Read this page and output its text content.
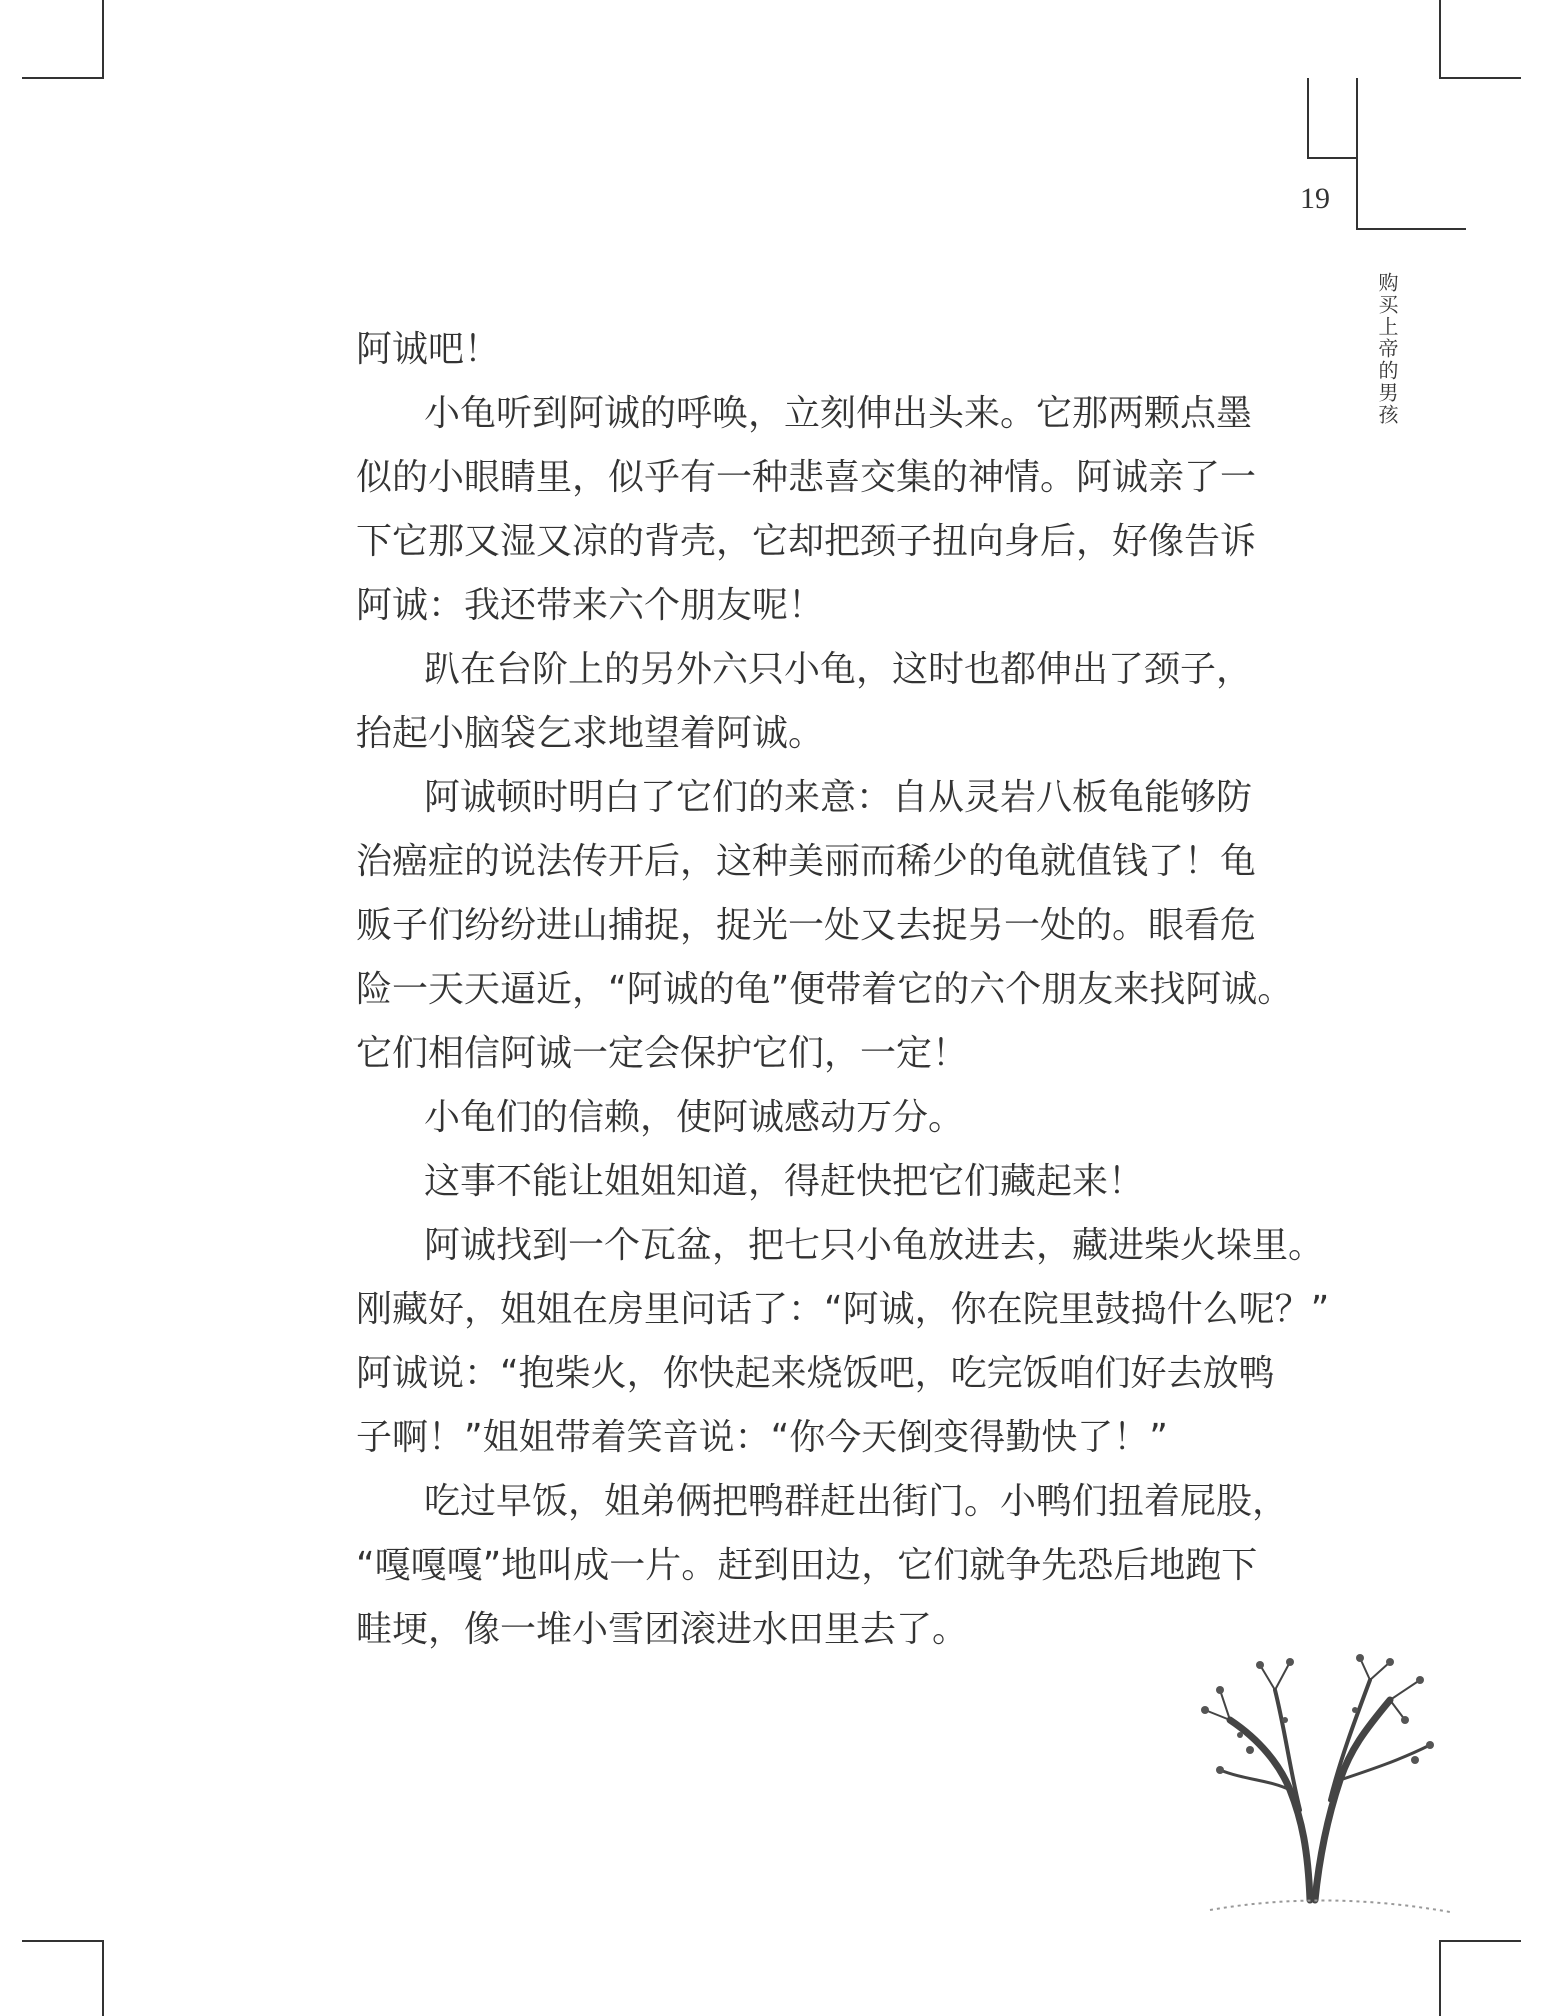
19
购买上帝的男孩
阿诚吧！
小龟听到阿诚的呼唤，立刻伸出头来。它那两颗点墨
似的小眼睛里，似乎有一种悲喜交集的神情。阿诚亲了一
下它那又湿又凉的背壳，它却把颈子扭向身后，好像告诉
阿诚：我还带来六个朋友呢！
趴在台阶上的另外六只小龟，这时也都伸出了颈子，
抬起小脑袋乞求地望着阿诚。
阿诚顿时明白了它们的来意：自从灵岩八板龟能够防
治癌症的说法传开后，这种美丽而稀少的龟就值钱了！龟
贩子们纷纷进山捕捉，捉光一处又去捉另一处的。眼看危
险一天天逼近，“阿诚的龟”便带着它的六个朋友来找阿诚。
它们相信阿诚一定会保护它们，一定！
小龟们的信赖，使阿诚感动万分。
这事不能让姐姐知道，得赶快把它们藏起来！
阿诚找到一个瓦盆，把七只小龟放进去，藏进柴火垛里。
刚藏好，姐姐在房里问话了：“阿诚，你在院里鼓捣什么呢？”
阿诚说：“抱柴火，你快起来烧饭吧，吃完饭咱们好去放鸭
子啊！”姐姐带着笑音说：“你今天倒变得勤快了！”
吃过早饭，姐弟俩把鸭群赶出街门。小鸭们扭着屁股，
“嘎嘎嘎”地叫成一片。赶到田边，它们就争先恐后地跑下
畦埂，像一堆小雪团滚进水田里去了。
